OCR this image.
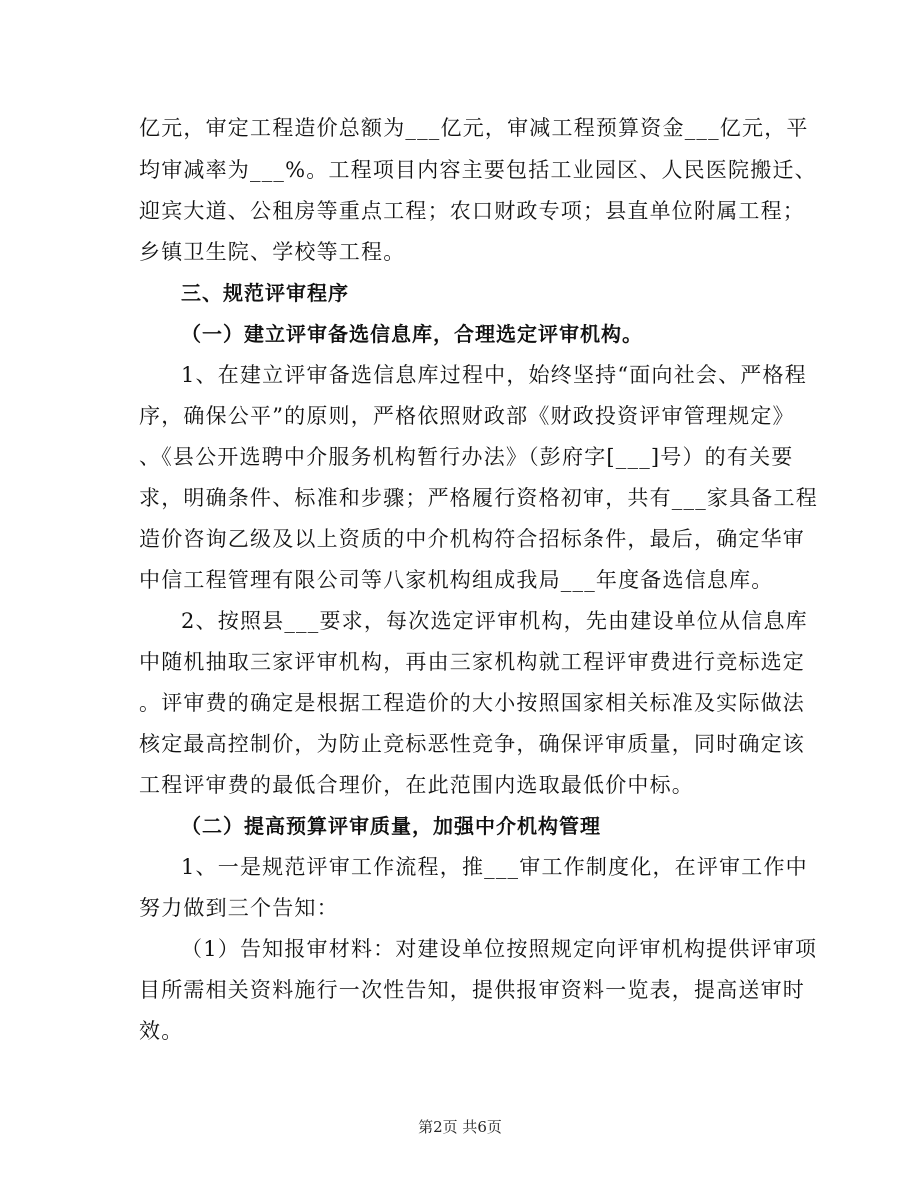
亿元，审定工程造价总额为___亿元，审减工程预算资金___亿元，平
均审减率为___%。工程项目内容主要包括工业园区、人民医院搬迁、
迎宾大道、公租房等重点工程；农口财政专项；县直单位附属工程；
乡镇卫生院、学校等工程。
三、规范评审程序
（一）建立评审备选信息库，合理选定评审机构。
1、在建立评审备选信息库过程中，始终坚持“面向社会、严格程
序，确保公平”的原则，严格依照财政部《财政投资评审管理规定》
、《县公开选聘中介服务机构暂行办法》（彭府字[___]号）的有关要
求，明确条件、标准和步骤；严格履行资格初审，共有___家具备工程
造价咨询乙级及以上资质的中介机构符合招标条件，最后，确定华审
中信工程管理有限公司等八家机构组成我局___年度备选信息库。
2、按照县___要求，每次选定评审机构，先由建设单位从信息库
中随机抽取三家评审机构，再由三家机构就工程评审费进行竞标选定
。评审费的确定是根据工程造价的大小按照国家相关标准及实际做法
核定最高控制价，为防止竞标恶性竞争，确保评审质量，同时确定该
工程评审费的最低合理价，在此范围内选取最低价中标。
（二）提高预算评审质量，加强中介机构管理
1、一是规范评审工作流程，推___审工作制度化，在评审工作中
努力做到三个告知：
（1）告知报审材料：对建设单位按照规定向评审机构提供评审项
目所需相关资料施行一次性告知，提供报审资料一览表，提高送审时
效。
第2页 共6页
